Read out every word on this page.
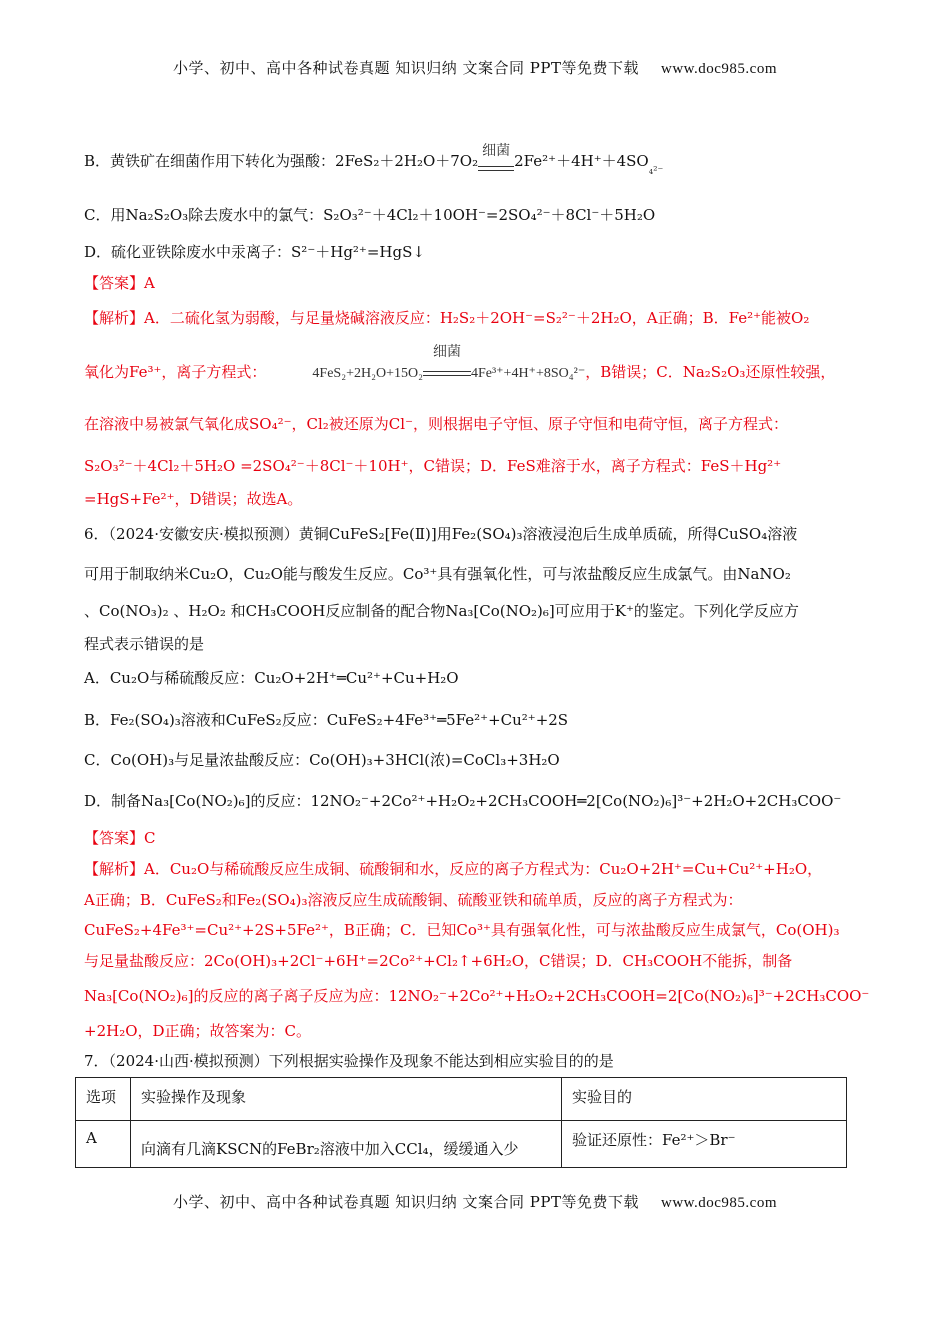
小学、初中、高中各种试卷真题 知识归纳 文案合同 PPT等免费下载 www.doc985.com
B．黄铁矿在细菌作用下转化为强酸：2FeS₂＋2H₂O＋7O₂
细菌
$2Fe^{2+}+4H^++4SO_{_4^{2-}}$
C．用Na₂S₂O₃除去废水中的氯气：S₂O₃²⁻＋4Cl₂＋10OH⁻=2SO₄²⁻＋8Cl⁻＋5H₂O
D．硫化亚铁除废水中汞离子：S²⁻＋Hg²⁺=HgS↓
【答案】A
【解析】A．二硫化氢为弱酸，与足量烧碱溶液反应：H₂S₂＋2OH⁻=S₂²⁻＋2H₂O，A正确；B．Fe²⁺能被O₂
氧化为Fe³⁺，离子方程式：	4FeS₂+2H₂O+15O₂
细菌
4Fe³⁺+4H⁺+8SO₄²⁻，B错误；C．Na₂S₂O₃还原性较强，
在溶液中易被氯气氧化成SO₄²⁻，Cl₂被还原为Cl⁻，则根据电子守恒、原子守恒和电荷守恒，离子方程式：
S₂O₃²⁻＋4Cl₂＋5H₂O =2SO₄²⁻＋8Cl⁻＋10H⁺，C错误；D．FeS难溶于水，离子方程式：FeS＋Hg²⁺
=HgS+Fe²⁺，D错误；故选A。
6．（2024·安徽安庆·模拟预测）黄铜CuFeS₂[Fe(Ⅱ)]用Fe₂(SO₄)₃溶液浸泡后生成单质硫，所得CuSO₄溶液
可用于制取纳米Cu₂O，Cu₂O能与酸发生反应。Co³⁺具有强氧化性，可与浓盐酸反应生成氯气。由NaNO₂
、Co(NO₃)₂ 、H₂O₂ 和CH₃COOH反应制备的配合物Na₃[Co(NO₂)₆]可应用于K⁺的鉴定。下列化学反应方
程式表示错误的是
A．Cu₂O与稀硫酸反应：Cu₂O+2H⁺═Cu²⁺+Cu+H₂O
B．Fe₂(SO₄)₃溶液和CuFeS₂反应：CuFeS₂+4Fe³⁺═5Fe²⁺+Cu²⁺+2S
C．Co(OH)₃与足量浓盐酸反应：Co(OH)₃+3HCl(浓)=CoCl₃+3H₂O
D．制备Na₃[Co(NO₂)₆]的反应：12NO₂⁻+2Co²⁺+H₂O₂+2CH₃COOH═2[Co(NO₂)₆]³⁻+2H₂O+2CH₃COO⁻
【答案】C
【解析】A．Cu₂O与稀硫酸反应生成铜、硫酸铜和水，反应的离子方程式为：Cu₂O+2H⁺=Cu+Cu²⁺+H₂O，
A正确；B．CuFeS₂和Fe₂(SO₄)₃溶液反应生成硫酸铜、硫酸亚铁和硫单质，反应的离子方程式为：
CuFeS₂+4Fe³⁺=Cu²⁺+2S+5Fe²⁺，B正确；C．已知Co³⁺具有强氧化性，可与浓盐酸反应生成氯气，Co(OH)₃
与足量盐酸反应：2Co(OH)₃+2Cl⁻+6H⁺=2Co²⁺+Cl₂↑+6H₂O，C错误；D．CH₃COOH不能拆，制备
Na₃[Co(NO₂)₆]的反应的离子离子反应为应：12NO₂⁻+2Co²⁺+H₂O₂+2CH₃COOH=2[Co(NO₂)₆]³⁻+2CH₃COO⁻
+2H₂O，D正确；故答案为：C。
7．（2024·山西·模拟预测）下列根据实验操作及现象不能达到相应实验目的的是
选项	实验操作及现象	实验目的
A	向滴有几滴KSCN的FeBr₂溶液中加入CCl₄，缓缓通入少	验证还原性：Fe²⁺＞Br⁻
小学、初中、高中各种试卷真题 知识归纳 文案合同 PPT等免费下载 www.doc985.com
